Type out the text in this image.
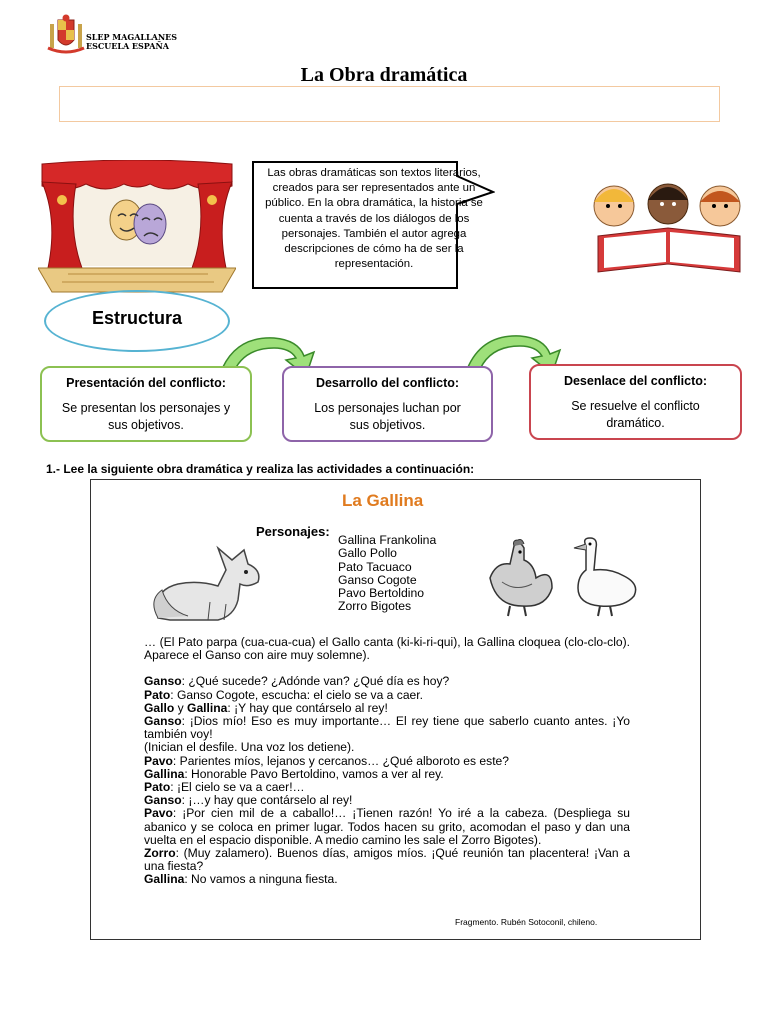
SLEP MAGALLANES
ESCUELA ESPAÑA
La Obra dramática
Las obras dramáticas son textos literarios, creados para ser representados ante un público. En la obra dramática, la historia se cuenta a través de los diálogos de los personajes. También el autor agrega descripciones de cómo ha de ser la representación.
Estructura
Presentación del conflicto:
Se presentan los personajes y sus objetivos.
Desarrollo del conflicto:
Los personajes luchan por sus objetivos.
Desenlace del conflicto:
Se resuelve el conflicto dramático.
1.- Lee la siguiente obra dramática y realiza las actividades a continuación:
La Gallina
Personajes:
Gallina Frankolina
Gallo Pollo
Pato Tacuaco
Ganso Cogote
Pavo Bertoldino
Zorro Bigotes

… (El Pato parpa (cua-cua-cua) el Gallo canta (ki-ki-ri-qui), la Gallina cloquea (clo-clo-clo). Aparece el Ganso con aire muy solemne).

Ganso: ¿Qué sucede? ¿Adónde van? ¿Qué día es hoy?

Pato: Ganso Cogote, escucha: el cielo se va a caer.

Gallo y Gallina: ¡Y hay que contárselo al rey!

Ganso: ¡Dios mío! Eso es muy importante… El rey tiene que saberlo cuanto antes. ¡Yo también voy!

(Inician el desfile. Una voz los detiene).

Pavo: Parientes míos, lejanos y cercanos… ¿Qué alboroto es este?

Gallina: Honorable Pavo Bertoldino, vamos a ver al rey.

Pato: ¡El cielo se va a caer!…

Ganso: ¡…y hay que contárselo al rey!

Pavo: ¡Por cien mil de a caballo!… ¡Tienen razón! Yo iré a la cabeza. (Despliega su abanico y se coloca en primer lugar. Todos hacen su grito, acomodan el paso y dan una vuelta en el espacio disponible. A medio camino les sale el Zorro Bigotes).

Zorro: (Muy zalamero). Buenos días, amigos míos. ¡Qué reunión tan placentera! ¡Van a una fiesta?

Gallina: No vamos a ninguna fiesta.

Fragmento. Rubén Sotoconil, chileno.
